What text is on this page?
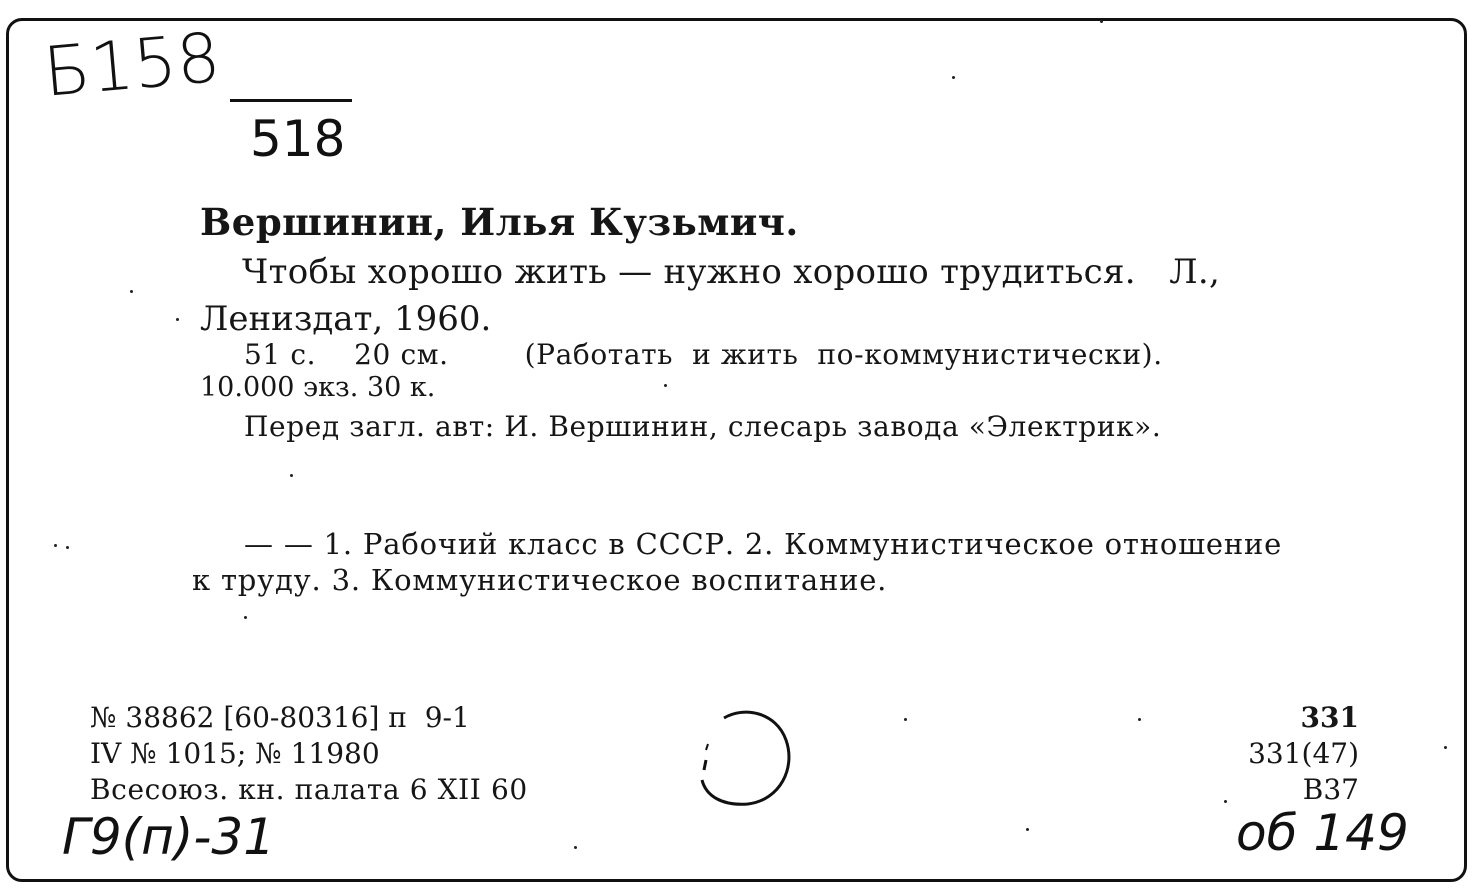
Б158
518
Вершинин, Илья Кузьмич.
Чтобы хорошо жить — нужно хорошо трудиться.   Л.,
Лениздат, 1960.
51 с.    20 см.        (Работать  и жить  по-коммунистически).
10.000 экз. 30 к.
Перед загл. авт: И. Вершинин, слесарь завода «Электрик».
— — 1. Рабочий класс в СССР. 2. Коммунистическое отношение
к труду. 3. Коммунистическое воспитание.
№ 38862 [60-80316] п  9-1
IV № 1015; № 11980
Всесоюз. кн. палата 6 XII 60
331
331(47)
В37
Г9(п)-31	об 149
